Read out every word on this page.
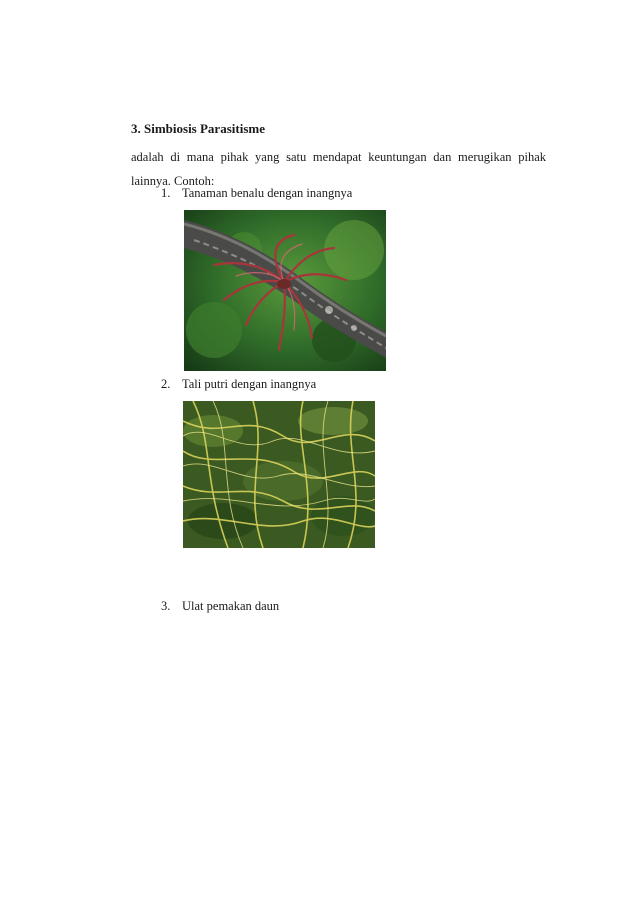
3. Simbiosis Parasitisme
adalah di mana pihak yang satu mendapat keuntungan dan merugikan pihak lainnya. Contoh:
1. Tanaman benalu dengan inangnya
2. Tali putri dengan inangnya
3. Ulat pemakan daun
